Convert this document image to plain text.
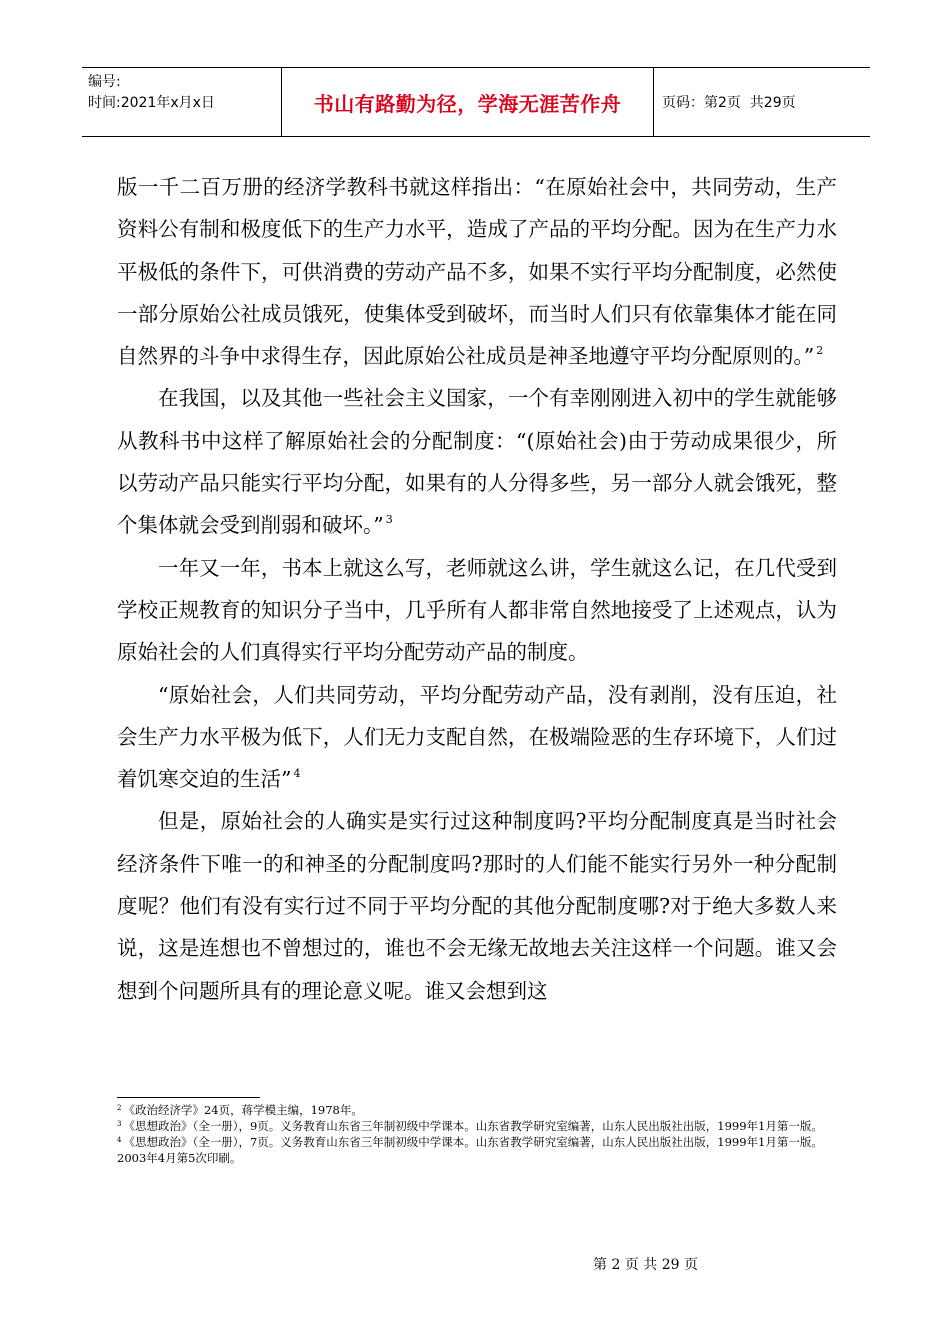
编号:
时间:2021年x月x日	书山有路勤为径，学海无涯苦作舟	页码：第2页  共29页

版一千二百万册的经济学教科书就这样指出：“在原始社会中，共同劳动，生产资料公有制和极度低下的生产力水平，造成了产品的平均分配。因为在生产力水平极低的条件下，可供消费的劳动产品不多，如果不实行平均分配制度，必然使一部分原始公社成员饿死，使集体受到破坏，而当时人们只有依靠集体才能在同自然界的斗争中求得生存，因此原始公社成员是神圣地遵守平均分配原则的。” $^2$

在我国，以及其他一些社会主义国家，一个有幸刚刚进入初中的学生就能够从教科书中这样了解原始社会的分配制度：“(原始社会)由于劳动成果很少，所以劳动产品只能实行平均分配，如果有的人分得多些，另一部分人就会饿死，整个集体就会受到削弱和破坏。” $^3$

一年又一年，书本上就这么写，老师就这么讲，学生就这么记，在几代受到学校正规教育的知识分子当中，几乎所有人都非常自然地接受了上述观点，认为原始社会的人们真得实行平均分配劳动产品的制度。

“原始社会，人们共同劳动，平均分配劳动产品，没有剥削，没有压迫，社会生产力水平极为低下，人们无力支配自然，在极端险恶的生存环境下，人们过着饥寒交迫的生活” $^4$

但是，原始社会的人确实是实行过这种制度吗?平均分配制度真是当时社会经济条件下唯一的和神圣的分配制度吗?那时的人们能不能实行另外一种分配制度呢？他们有没有实行过不同于平均分配的其他分配制度哪?对于绝大多数人来说，这是连想也不曾想过的，谁也不会无缘无故地去关注这样一个问题。谁又会想到个问题所具有的理论意义呢。谁又会想到这

$^2$ 《政治经济学》24页，蒋学模主编，1978年。

$^3$ 《思想政治》（全一册），9页。义务教育山东省三年制初级中学课本。山东省教学研究室编著，山东人民出版社出版，1999年1月第一版。

$^4$ 《思想政治》（全一册），7页。义务教育山东省三年制初级中学课本。山东省教学研究室编著，山东人民出版社出版，1999年1月第一版。2003年4月第5次印刷。

第 2 页 共 29 页
